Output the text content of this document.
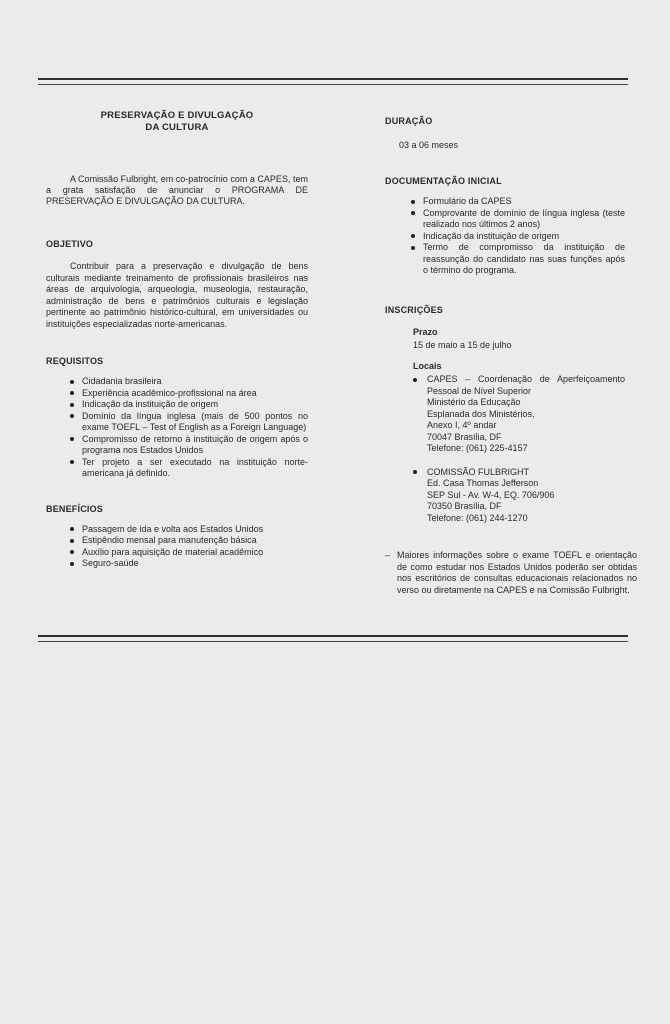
PRESERVAÇÃO E DIVULGAÇÃO
DA CULTURA

A Comissão Fulbright, em co-patrocínio com a CAPES, tem a grata satisfação de anunciar o PROGRAMA DE PRESERVAÇÃO E DIVULGAÇÃO DA CULTURA.

OBJETIVO

Contribuir para a preservação e divulgação de bens culturais mediante treinamento de profissionais brasileiros nas áreas de arquivologia, arqueologia, museologia, restauração, administração de bens e patrimônios culturais e legislação pertinente ao patrimônio histórico-cultural, em universidades ou instituições especializadas norte-americanas.

REQUISITOS
Cidadania brasileira
Experiência acadêmico-profissional na área
Indicação da instituição de origem
Domínio da língua inglesa (mais de 500 pontos no exame TOEFL – Test of English as a Foreign Language)
Compromisso de retorno à instituição de origem após o programa nos Estados Unidos
Ter projeto a ser executado na instituição norte-americana já definido.
BENEFÍCIOS
Passagem de ida e volta aos Estados Unidos
Estipêndio mensal para manutenção básica
Auxílio para aquisição de material acadêmico
Seguro-saúde
DURAÇÃO
03 a 06 meses
DOCUMENTAÇÃO INICIAL
Formulário da CAPES
Comprovante de domínio de língua inglesa (teste realizado nos últimos 2 anos)
Indicação da instituição de origem
Termo de compromisso da instituição de reassunção do candidato nas suas funções após o término do programa.
INSCRIÇÕES
Prazo
15 de maio a 15 de julho
Locais
CAPES – Coordenação de Aperfeiçoamento
Pessoal de Nível Superior
Ministério da Educação
Esplanada dos Ministérios,
Anexo I, 4º andar
70047 Brasília, DF
Telefone: (061) 225-4157
COMISSÃO FULBRIGHT
Ed. Casa Thomas Jefferson
SEP Sul - Av. W-4, EQ. 706/906
70350 Brasília, DF
Telefone: (061) 244-1270
– Maiores informações sobre o exame TOEFL e orientação de como estudar nos Estados Unidos poderão ser obtidas nos escritórios de consultas educacionais relacionados no verso ou diretamente na CAPES e na Comissão Fulbright.
